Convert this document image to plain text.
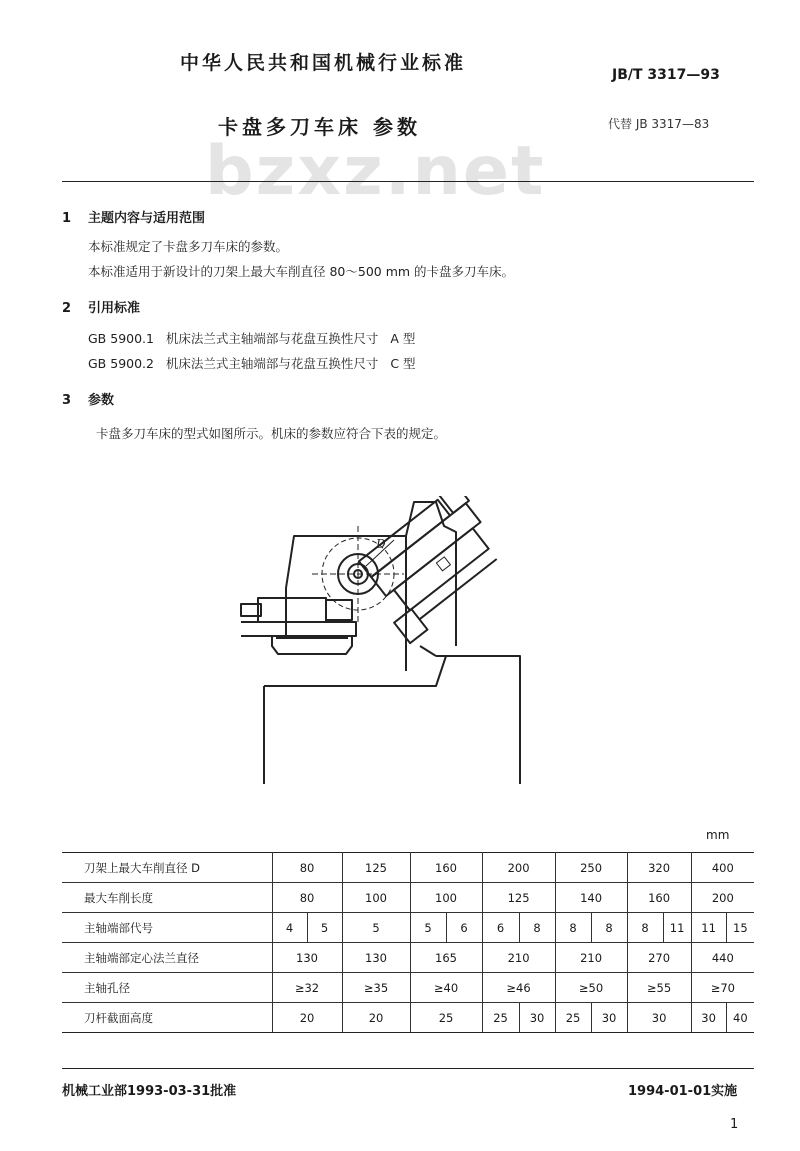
中华人民共和国机械行业标准
JB/T 3317—93
卡盘多刀车床 参数	代替 JB 3317—83
bzxz.net
1 主题内容与适用范围
本标准规定了卡盘多刀车床的参数。
本标准适用于新设计的刀架上最大车削直径 80～500 mm 的卡盘多刀车床。
2 引用标准
GB 5900.1   机床法兰式主轴端部与花盘互换性尺寸   A 型
GB 5900.2   机床法兰式主轴端部与花盘互换性尺寸   C 型
3 参数
卡盘多刀车床的型式如图所示。机床的参数应符合下表的规定。
D
mm
刀架上最大车削直径 D	80		125	160		200		250		320		400	
最大车削长度	80		100	100		125		140		160		200	
主轴端部代号	4	5	5	5	6	6	8	8	8	8	11	11	15
主轴端部定心法兰直径	130		130	165		210		210		270		440	
主轴孔径	≥32		≥35	≥40		≥46		≥50		≥55		≥70	
刀杆截面高度	20		20	25		25	30	25	30	30		30	40
机械工业部1993-03-31批准	1994-01-01实施
1
